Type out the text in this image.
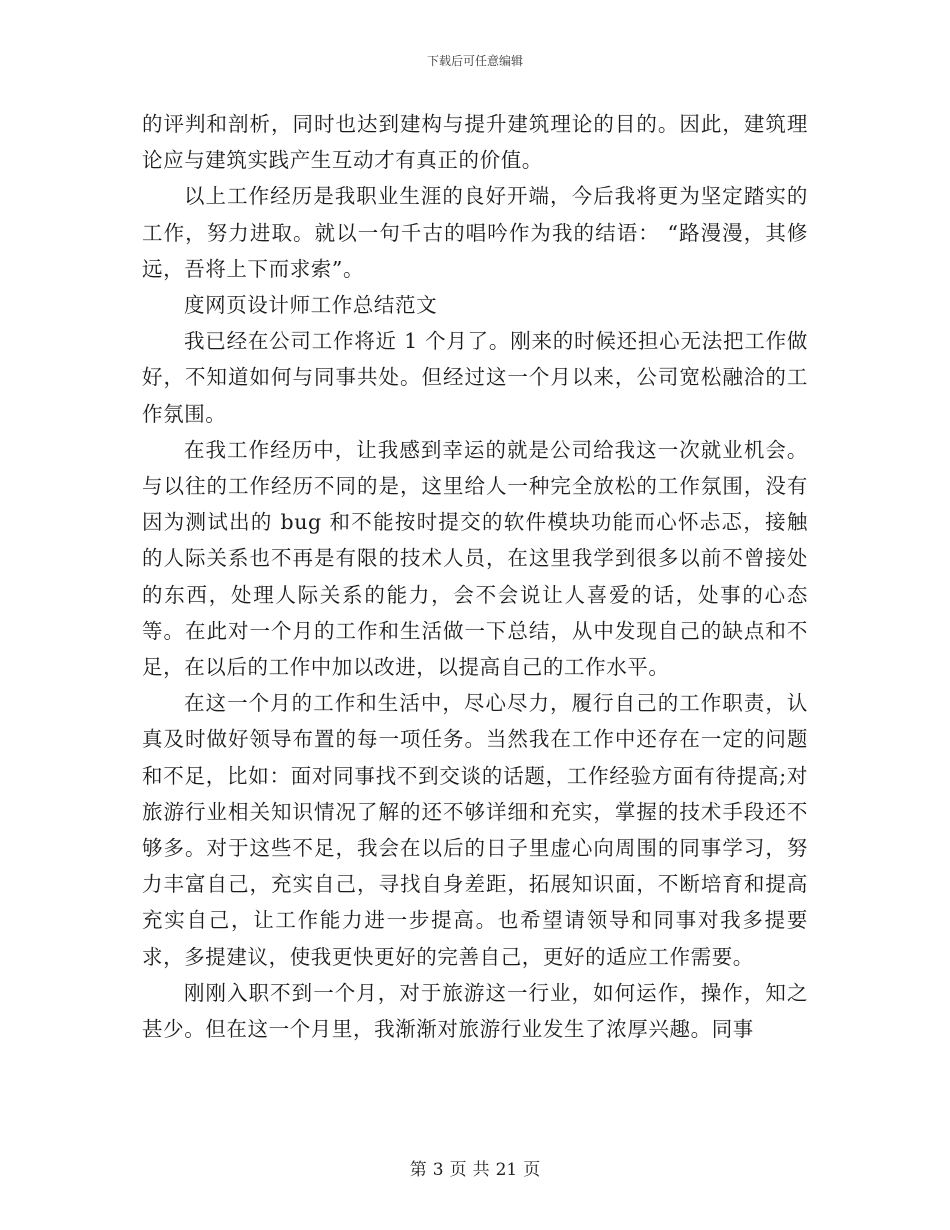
下载后可任意编辑

的评判和剖析，同时也达到建构与提升建筑理论的目的。因此，建筑理论应与建筑实践产生互动才有真正的价值。

以上工作经历是我职业生涯的良好开端，今后我将更为坚定踏实的工作，努力进取。就以一句千古的唱吟作为我的结语： “路漫漫，其修远，吾将上下而求索”。

度网页设计师工作总结范文

我已经在公司工作将近 1 个月了。刚来的时候还担心无法把工作做好，不知道如何与同事共处。但经过这一个月以来，公司宽松融洽的工作氛围。

在我工作经历中，让我感到幸运的就是公司给我这一次就业机会。与以往的工作经历不同的是，这里给人一种完全放松的工作氛围，没有因为测试出的 bug 和不能按时提交的软件模块功能而心怀忐忑，接触的人际关系也不再是有限的技术人员，在这里我学到很多以前不曾接处的东西，处理人际关系的能力，会不会说让人喜爱的话，处事的心态等。在此对一个月的工作和生活做一下总结，从中发现自己的缺点和不足，在以后的工作中加以改进，以提高自己的工作水平。

在这一个月的工作和生活中，尽心尽力，履行自己的工作职责，认真及时做好领导布置的每一项任务。当然我在工作中还存在一定的问题和不足，比如：面对同事找不到交谈的话题，工作经验方面有待提高;对旅游行业相关知识情况了解的还不够详细和充实，掌握的技术手段还不够多。对于这些不足，我会在以后的日子里虚心向周围的同事学习，努力丰富自己，充实自己，寻找自身差距，拓展知识面，不断培育和提高充实自己，让工作能力进一步提高。也希望请领导和同事对我多提要求，多提建议，使我更快更好的完善自己，更好的适应工作需要。

刚刚入职不到一个月，对于旅游这一行业，如何运作，操作，知之甚少。但在这一个月里，我渐渐对旅游行业发生了浓厚兴趣。同事

第 3 页 共 21 页
